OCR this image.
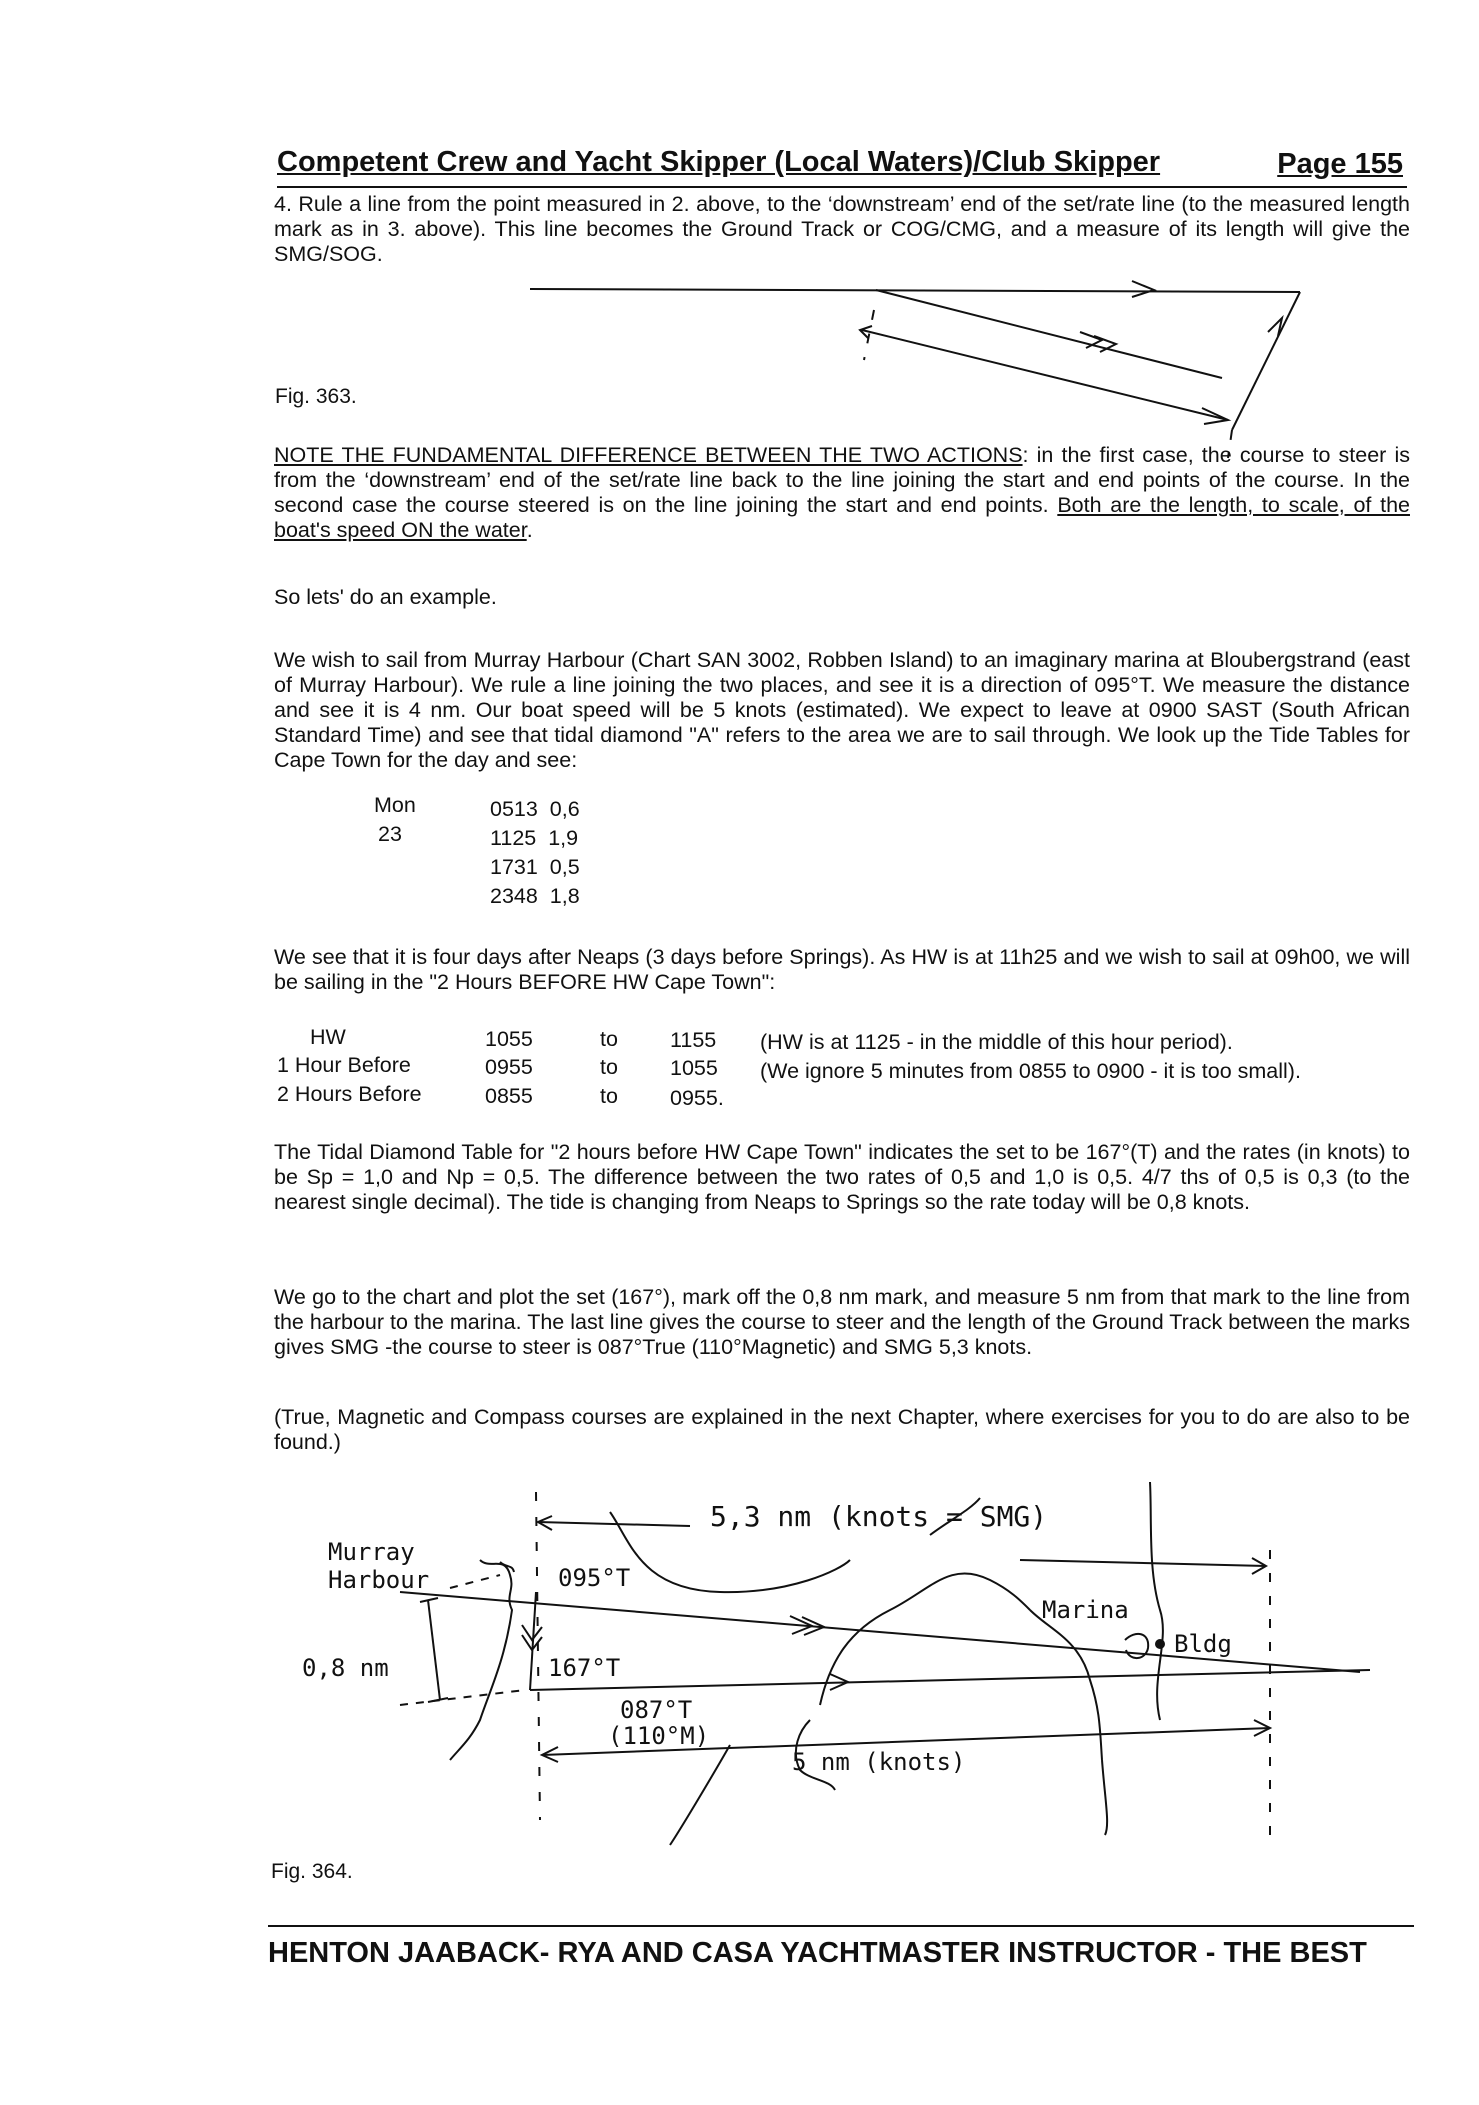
Competent Crew and Yacht Skipper (Local Waters)/Club Skipper	Page 155

4. Rule a line from the point measured in 2. above, to the ‘downstream’ end of the set/rate line (to the measured length mark as in 3. above). This line becomes the Ground Track or COG/CMG, and a measure of its length will give the SMG/SOG.

Fig. 363.

NOTE THE FUNDAMENTAL DIFFERENCE BETWEEN THE TWO ACTIONS: in the first case, the course to steer is from the ‘downstream’ end of the set/rate line back to the line joining the start and end points of the course. In the second case the course steered is on the line joining the start and end points. Both are the length, to scale, of the boat's speed ON the water.

So lets' do an example.

We wish to sail from Murray Harbour (Chart SAN 3002, Robben Island) to an imaginary marina at Bloubergstrand (east of Murray Harbour). We rule a line joining the two places, and see it is a direction of 095°T. We measure the distance and see it is 4 nm. Our boat speed will be 5 knots (estimated). We expect to leave at 0900 SAST (South African Standard Time) and see that tidal diamond "A" refers to the area we are to sail through. We look up the Tide Tables for Cape Town for the day and see:

Mon
23
0513 0,6
1125 1,9
1731 0,5
2348 1,8

We see that it is four days after Neaps (3 days before Springs). As HW is at 11h25 and we wish to sail at 09h00, we will be sailing in the "2 Hours BEFORE HW Cape Town":

HW	1055	to 1155 (HW is at 1125 - in the middle of this hour period).
1 Hour Before	0955	to 1055 (We ignore 5 minutes from 0855 to 0900 - it is too small).
2 Hours Before	0855	to 0955.

The Tidal Diamond Table for "2 hours before HW Cape Town" indicates the set to be 167°(T) and the rates (in knots) to be Sp = 1,0 and Np = 0,5. The difference between the two rates of 0,5 and 1,0 is 0,5. 4/7 ths of 0,5 is 0,3 (to the nearest single decimal). The tide is changing from Neaps to Springs so the rate today will be 0,8 knots.

We go to the chart and plot the set (167°), mark off the 0,8 nm mark, and measure 5 nm from that mark to the line from the harbour to the marina. The last line gives the course to steer and the length of the Ground Track between the marks gives SMG -the course to steer is 087°True (110°Magnetic) and SMG 5,3 knots.

(True, Magnetic and Compass courses are explained in the next Chapter, where exercises for you to do are also to be found.)

5,3 nm (knots = SMG)
Murray
Harbour	095°T
Marina
Bldg
0,8 nm	167°T
087°T
(110°M)
5 nm (knots)
Fig. 364.
HENTON JAABACK- RYA AND CASA YACHTMASTER INSTRUCTOR - THE BEST
